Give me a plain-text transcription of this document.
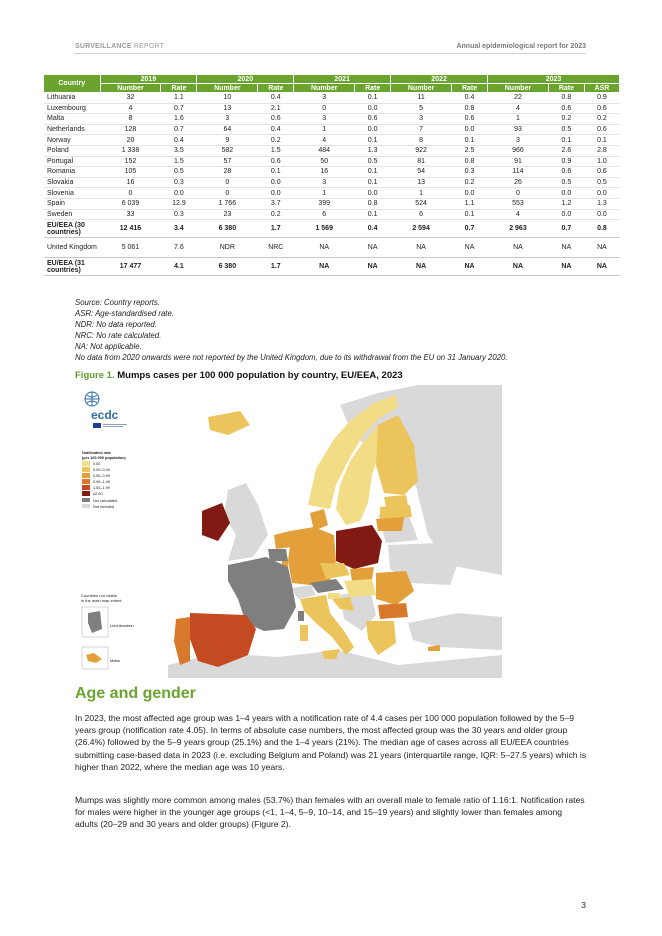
SURVEILLANCE REPORT	Annual epidemiological report for 2023
Country	2019		2020		2021		2022		2023		
	Number	Rate	Number	Rate	Number	Rate	Number	Rate	Number	Rate	ASR
Lithuania	32	1.1	10	0.4	3	0.1	11	0.4	22	0.8	0.9
Luxembourg	4	0.7	13	2.1	0	0.0	5	0.8	4	0.6	0.6
Malta	8	1.6	3	0.6	3	0.6	3	0.6	1	0.2	0.2
Netherlands	128	0.7	64	0.4	1	0.0	7	0.0	93	0.5	0.6
Norway	20	0.4	9	0.2	4	0.1	8	0.1	3	0.1	0.1
Poland	1 338	3.5	582	1.5	484	1.3	922	2.5	966	2.6	2.8
Portugal	152	1.5	57	0.6	50	0.5	81	0.8	91	0.9	1.0
Romania	105	0.5	28	0.1	16	0.1	54	0.3	114	0.6	0.6
Slovakia	16	0.3	0	0.0	3	0.1	13	0.2	26	0.5	0.5
Slovenia	0	0.0	0	0.0	1	0.0	1	0.0	0	0.0	0.0
Spain	6 039	12.9	1 766	3.7	399	0.8	524	1.1	553	1.2	1.3
Sweden	33	0.3	23	0.2	6	0.1	6	0.1	4	0.0	0.0
EU/EEA (30 countries)	12 416	3.4	6 380	1.7	1 569	0.4	2 594	0.7	2 963	0.7	0.8
United Kingdom	5 061	7.6	NDR	NRC	NA	NA	NA	NA	NA	NA	NA
EU/EEA (31 countries)	17 477	4.1	6 380	1.7	NA	NA	NA	NA	NA	NA	NA
Source: Country reports.
ASR: Age-standardised rate.
NDR: No data reported.
NRC: No rate calculated.
NA: Not applicable.
No data from 2020 onwards were not reported by the United Kingdom, due to its withdrawal from the EU on 31 January 2020.
Figure 1. Mumps cases per 100 000 population by country, EU/EEA, 2023
ecdc
Notification rate
(per 100 000 population)
0.00
0.00–0.49
0.50–0.99
0.99–1.49
1.50–1.99
≥2.00
Not calculated
Not included
Countries not visible
in the main map extent
Liechtenstein
Malta
Age and gender

In 2023, the most affected age group was 1–4 years with a notification rate of 4.4 cases per 100 000 population followed by the 5–9 years group (notification rate 4.05). In terms of absolute case numbers, the most affected group was the 30 years and older group (26.4%) followed by the 5–9 years group (25.1%) and the 1–4 years (21%). The median age of cases across all EU/EEA countries submitting case-based data in 2023 (i.e. excluding Belgium and Poland) was 21 years (interquartile range, IQR: 5–27.5 years) which is higher than 2022, where the median age was 10 years.

Mumps was slightly more common among males (53.7%) than females with an overall male to female ratio of 1.16:1. Notification rates for males were higher in the younger age groups (<1, 1–4, 5–9, 10–14, and 15–19 years) and slightly lower than females among adults (20–29 and 30 years and older groups) (Figure 2).

3
